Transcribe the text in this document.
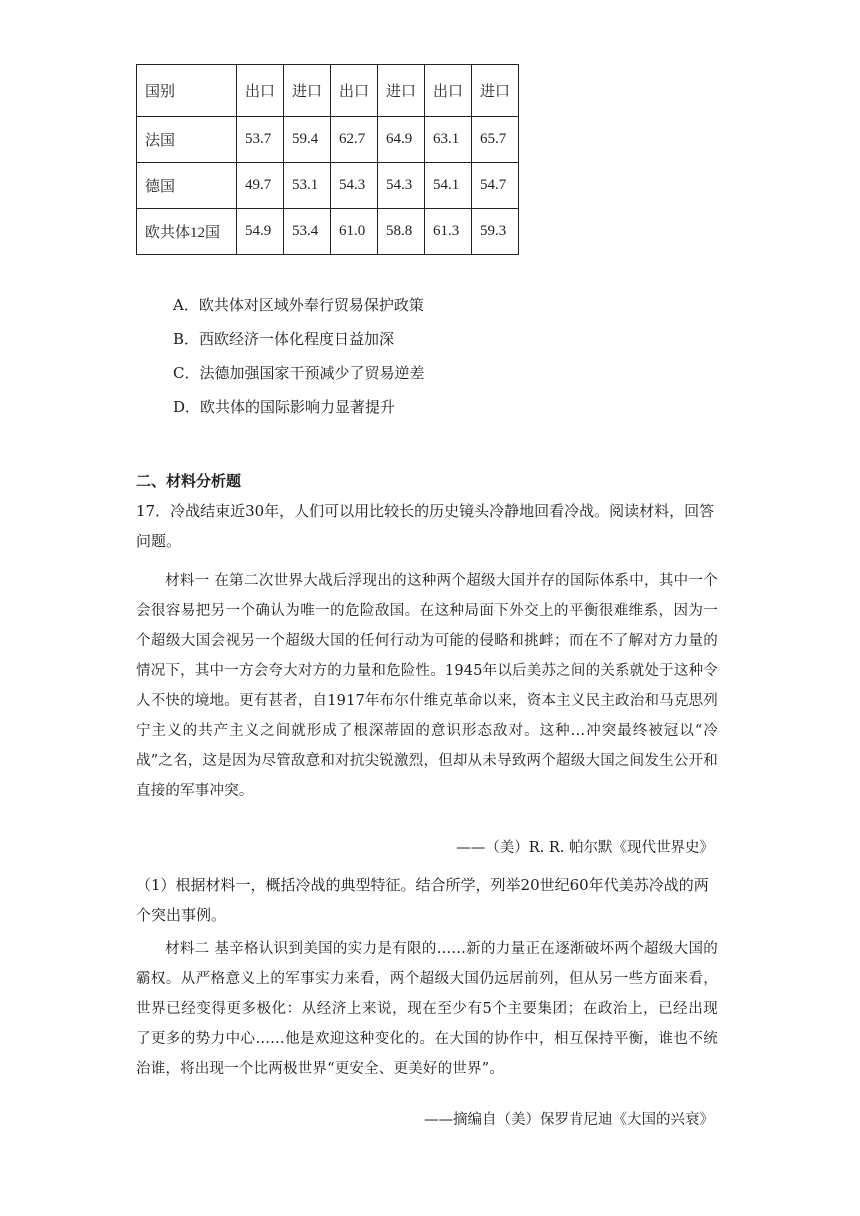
国别	出口	进口	出口	进口	出口	进口
法国	53.7	59.4	62.7	64.9	63.1	65.7
德国	49.7	53.1	54.3	54.3	54.1	54.7
欧共体12国	54.9	53.4	61.0	58.8	61.3	59.3
A．欧共体对区域外奉行贸易保护政策
B．西欧经济一体化程度日益加深
C．法德加强国家干预减少了贸易逆差
D．欧共体的国际影响力显著提升
二、材料分析题
17．冷战结束近30年，人们可以用比较长的历史镜头冷静地回看冷战。阅读材料，回答问题。
材料一 在第二次世界大战后浮现出的这种两个超级大国并存的国际体系中，其中一个会很容易把另一个确认为唯一的危险敌国。在这种局面下外交上的平衡很难维系，因为一个超级大国会视另一个超级大国的任何行动为可能的侵略和挑衅；而在不了解对方力量的情况下，其中一方会夸大对方的力量和危险性。1945年以后美苏之间的关系就处于这种令人不快的境地。更有甚者，自1917年布尔什维克革命以来，资本主义民主政治和马克思列宁主义的共产主义之间就形成了根深蒂固的意识形态敌对。这种…冲突最终被冠以“冷战”之名，这是因为尽管敌意和对抗尖锐激烈，但却从未导致两个超级大国之间发生公开和直接的军事冲突。
——（美）R. R. 帕尔默《现代世界史》
（1）根据材料一，概括冷战的典型特征。结合所学，列举20世纪60年代美苏冷战的两个突出事例。
材料二 基辛格认识到美国的实力是有限的……新的力量正在逐渐破坏两个超级大国的霸权。从严格意义上的军事实力来看，两个超级大国仍远居前列，但从另一些方面来看，世界已经变得更多极化：从经济上来说，现在至少有5个主要集团；在政治上，已经出现了更多的势力中心……他是欢迎这种变化的。在大国的协作中，相互保持平衡，谁也不统治谁，将出现一个比两极世界“更安全、更美好的世界”。
——摘编自（美）保罗肯尼迪《大国的兴衰》
